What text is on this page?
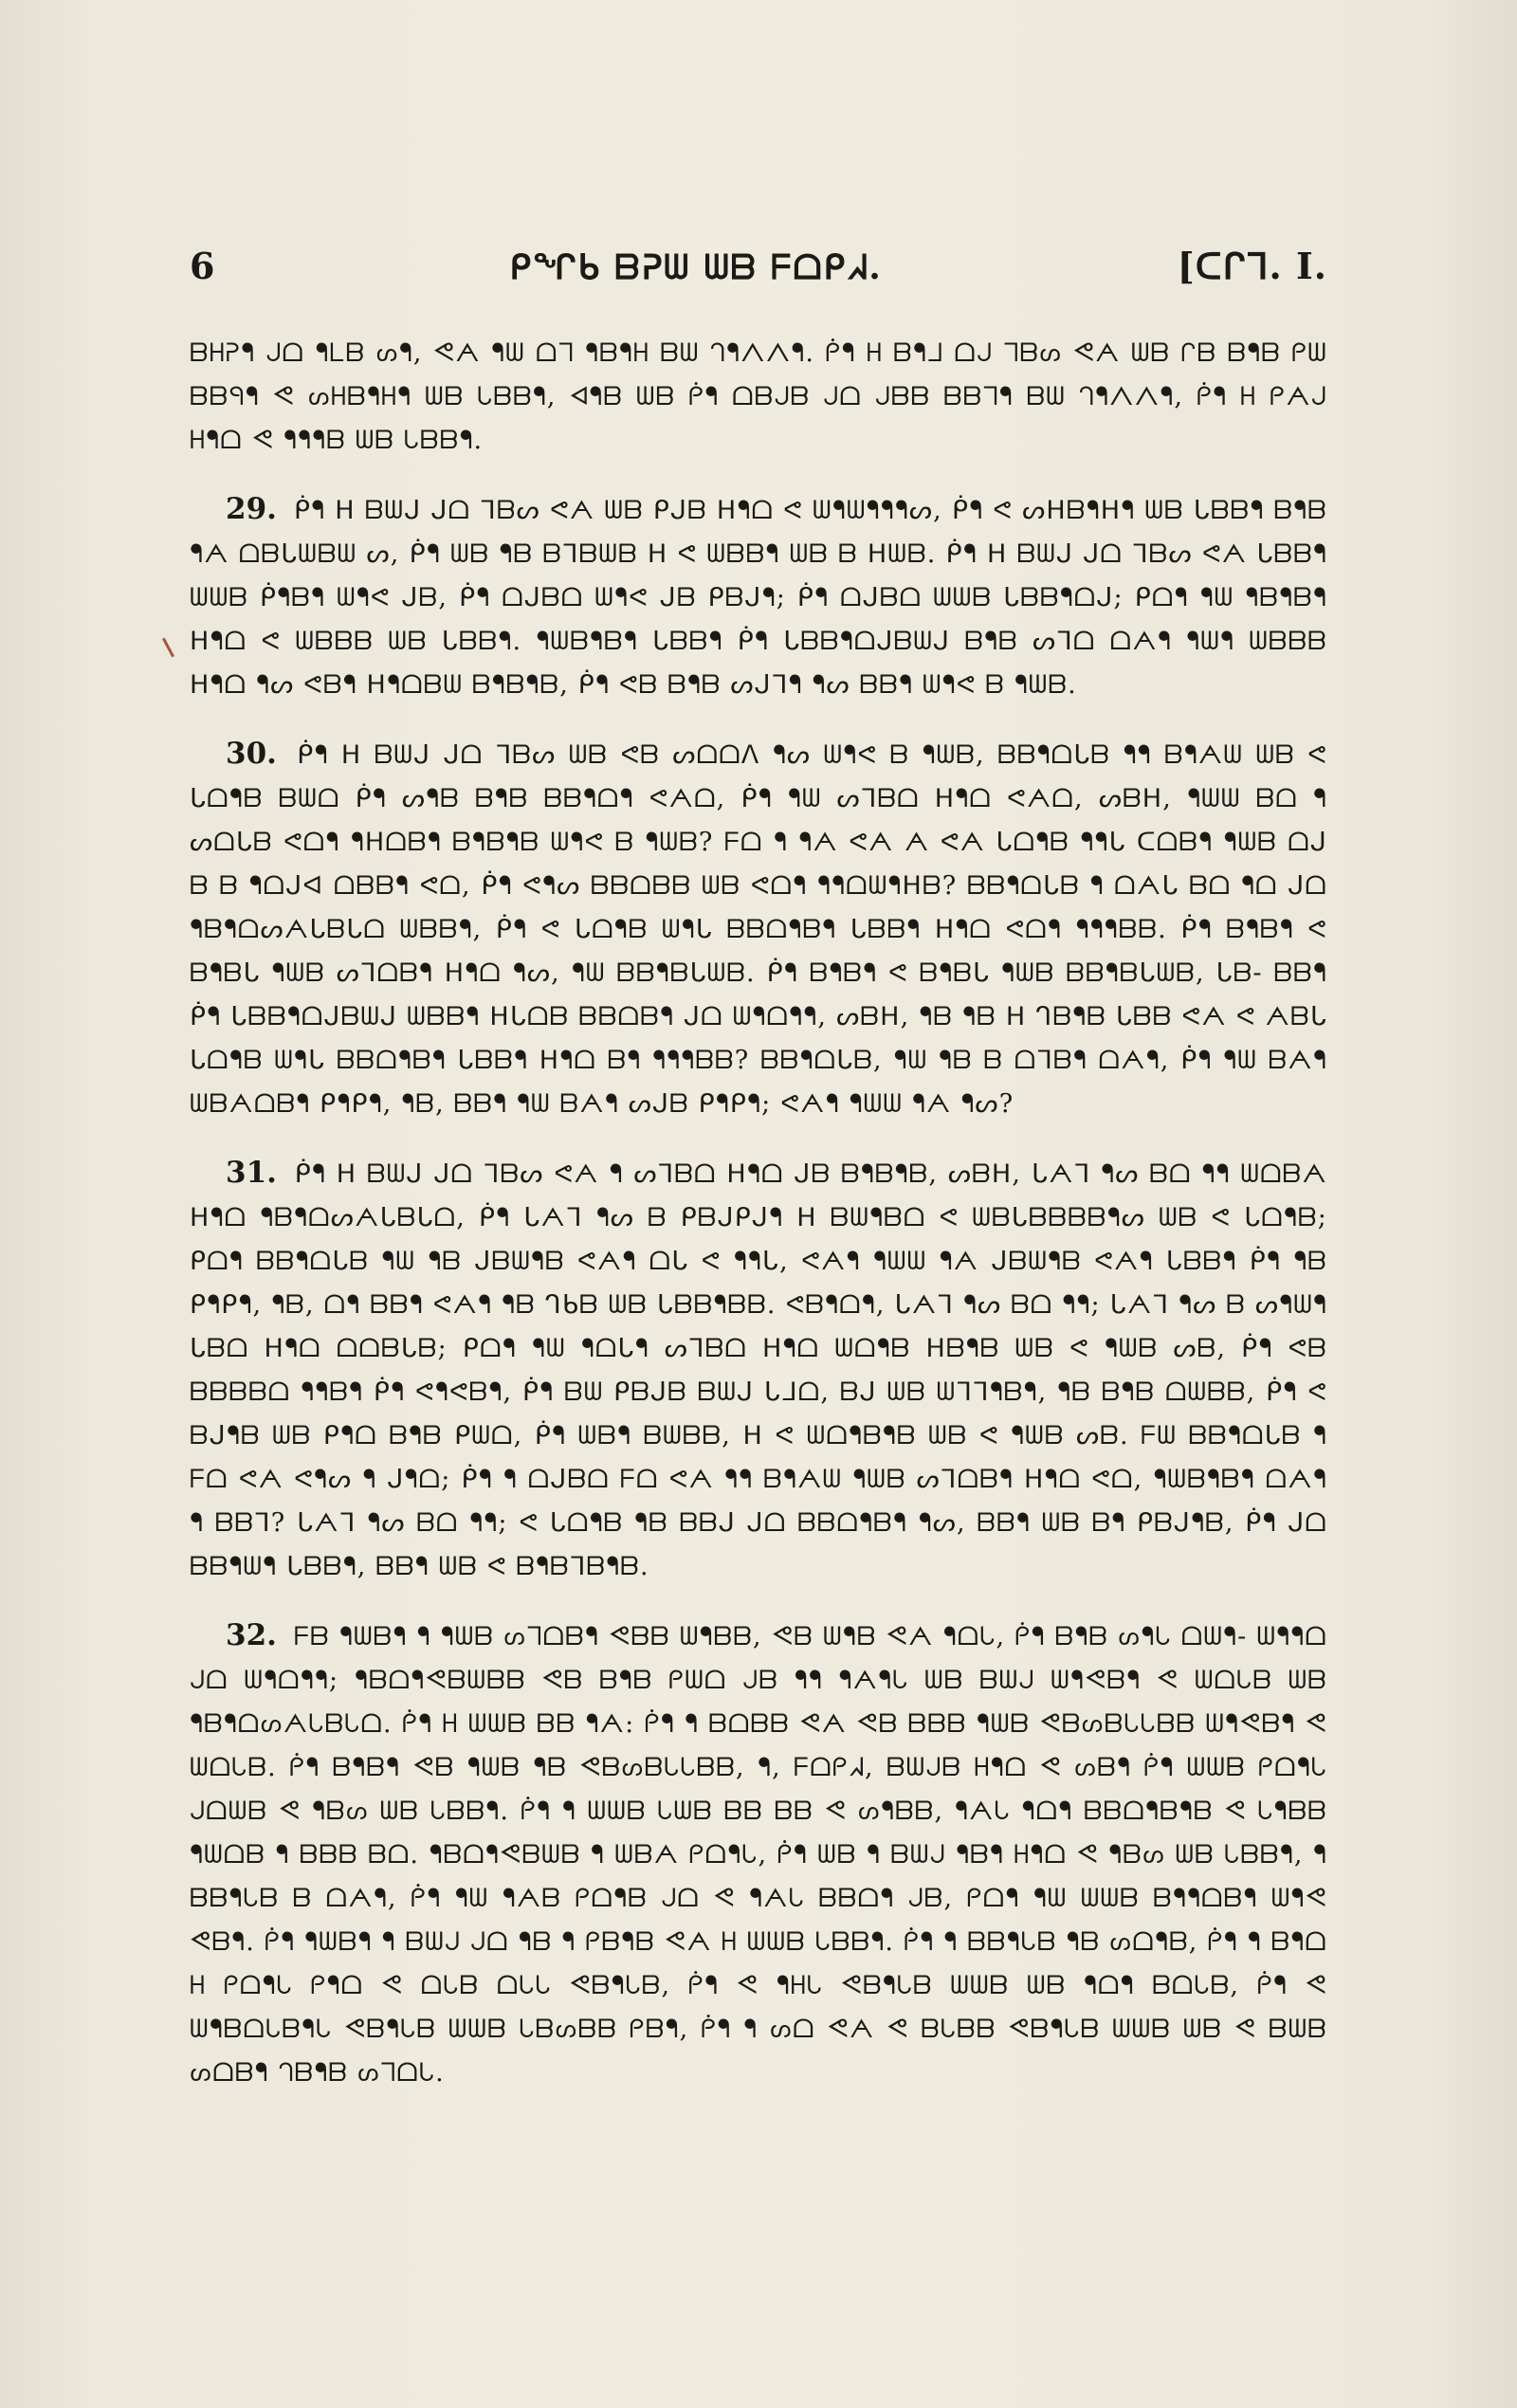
6	ᑭᖏᑲ ᗷᕈᗯ ᗯᗷ ᖴᗝᑭᖽ.	[ᑕᒋᒣ. I.

ᗷᕼᕈᖳ ᒍᗝ ᖳᒪᗷ ᔕᖳ, ᕙᗅ ᖳᗯ ᗝᒣ ᖳᗷᖳᕼ ᗷᗯ ᒉᖳᐱᐱᖳ. ᑮᖳ ᕼ ᗷᖳᒧ ᗝᒍ ᒣᗷᔕ ᕙᗅ ᗯᗷ ᒋᗷ ᗷᖳᗷ ᑭᗯ ᗷᗷᑫᖳ ᕙ ᔕᕼᗷᖳᕼᖳ ᗯᗷ ᒐᗷᗷᖳ, ᐊᖳᗷ ᗯᗷ ᑮᖳ ᗝᗷᒍᗷ ᒍᗝ ᒍᗷᗷ ᗷᗷᒣᖳ ᗷᗯ ᒉᖳᐱᐱᖳ, ᑮᖳ ᕼ ᑭᗅᒍ ᕼᖳᗝ ᕙ ᖳᖳᖳᗷ ᗯᗷ ᒐᗷᗷᖳ.

29. ᑮᖳ ᕼ ᗷᗯᒍ ᒍᗝ ᒣᗷᔕ ᕙᗅ ᗯᗷ ᑭᒍᗷ ᕼᖳᗝ ᕙ ᗯᖳᗯᖳᖳᖳᔕ, ᑮᖳ ᕙ ᔕᕼᗷᖳᕼᖳ ᗯᗷ ᒐᗷᗷᖳ ᗷᖳᗷ ᖳᗅ ᗝᗷᒐᗯᗷᗯ ᔕ, ᑮᖳ ᗯᗷ ᖳᗷ ᗷᒣᗷᗯᗷ ᕼ ᕙ ᗯᗷᗷᖳ ᗯᗷ ᗷ ᕼᗯᗷ. ᑮᖳ ᕼ ᗷᗯᒍ ᒍᗝ ᒣᗷᔕ ᕙᗅ ᒐᗷᗷᖳ ᗯᗯᗷ ᑮᖳᗷᖳ ᗯᖳᕙ ᒍᗷ, ᑮᖳ ᗝᒍᗷᗝ ᗯᖳᕙ ᒍᗷ ᑭᗷᒍᖳ; ᑮᖳ ᗝᒍᗷᗝ ᗯᗯᗷ ᒐᗷᗷᖳᗝᒍ; ᑭᗝᖳ ᖳᗯ ᖳᗷᖳᗷᖳ ᕼᖳᗝ ᕙ ᗯᗷᗷᗷ ᗯᗷ ᒐᗷᗷᖳ. ᖳᗯᗷᖳᗷᖳ ᒐᗷᗷᖳ ᑮᖳ ᒐᗷᗷᖳᗝᒍᗷᗯᒍ ᗷᖳᗷ ᔕᒣᗝ ᗝᗅᖳ ᖳᗯᖳ ᗯᗷᗷᗷ ᕼᖳᗝ ᖳᔕ ᕙᗷᖳ ᕼᖳᗝᗷᗯ ᗷᖳᗷᖳᗷ, ᑮᖳ ᕙᗷ ᗷᖳᗷ ᔕᒍᒣᖳ ᖳᔕ ᗷᗷᖳ ᗯᖳᕙ ᗷ ᖳᗯᗷ.

30. ᑮᖳ ᕼ ᗷᗯᒍ ᒍᗝ ᒣᗷᔕ ᗯᗷ ᕙᗷ ᔕᗝᗝᐱ ᖳᔕ ᗯᖳᕙ ᗷ ᖳᗯᗷ, ᗷᗷᖳᗝᒐᗷ ᖳᖳ ᗷᖳᗅᗯ ᗯᗷ ᕙ ᒐᗝᖳᗷ ᗷᗯᗝ ᑮᖳ ᔕᖳᗷ ᗷᖳᗷ ᗷᗷᖳᗝᖳ ᕙᗅᗝ, ᑮᖳ ᖳᗯ ᔕᒣᗷᗝ ᕼᖳᗝ ᕙᗅᗝ, ᔕᗷᕼ, ᖳᗯᗯ ᗷᗝ ᖳ ᔕᗝᒐᗷ ᕙᗝᖳ ᖳᕼᗝᗷᖳ ᗷᖳᗷᖳᗷ ᗯᖳᕙ ᗷ ᖳᗯᗷ? ᖴᗝ ᖳ ᖳᗅ ᕙᗅ ᗅ ᕙᗅ ᒐᗝᖳᗷ ᖳᖳᒐ ᑕᗝᗷᖳ ᖳᗯᗷ ᗝᒍ ᗷ ᗷ ᖳᗝᒍᐊ ᗝᗷᗷᖳ ᕙᗝ, ᑮᖳ ᕙᖳᔕ ᗷᗷᗝᗷᗷ ᗯᗷ ᕙᗝᖳ ᖳᖳᗝᗯᖳᕼᗷ? ᗷᗷᖳᗝᒐᗷ ᖳ ᗝᗅᒐ ᗷᗝ ᖳᗝ ᒍᗝ ᖳᗷᖳᗝᔕᗅᒐᗷᒐᗝ ᗯᗷᗷᖳ, ᑮᖳ ᕙ ᒐᗝᖳᗷ ᗯᖳᒐ ᗷᗷᗝᖳᗷᖳ ᒐᗷᗷᖳ ᕼᖳᗝ ᕙᗝᖳ ᖳᖳᖳᗷᗷ. ᑮᖳ ᗷᖳᗷᖳ ᕙ ᗷᖳᗷᒐ ᖳᗯᗷ ᔕᒣᗝᗷᖳ ᕼᖳᗝ ᖳᔕ, ᖳᗯ ᗷᗷᖳᗷᒐᗯᗷ. ᑮᖳ ᗷᖳᗷᖳ ᕙ ᗷᖳᗷᒐ ᖳᗯᗷ ᗷᗷᖳᗷᒐᗯᗷ, ᒐᗷ- ᗷᗷᖳ ᑮᖳ ᒐᗷᗷᖳᗝᒍᗷᗯᒍ ᗯᗷᗷᖳ ᕼᒐᗝᗷ ᗷᗷᗝᗷᖳ ᒍᗝ ᗯᖳᗝᖳᖳ, ᔕᗷᕼ, ᖳᗷ ᖳᗷ ᕼ ᒉᗷᖳᗷ ᒐᗷᗷ ᕙᗅ ᕙ ᗅᗷᒐ ᒐᗝᖳᗷ ᗯᖳᒐ ᗷᗷᗝᖳᗷᖳ ᒐᗷᗷᖳ ᕼᖳᗝ ᗷᖳ ᖳᖳᖳᗷᗷ? ᗷᗷᖳᗝᒐᗷ, ᖳᗯ ᖳᗷ ᗷ ᗝᒣᗷᖳ ᗝᗅᖳ, ᑮᖳ ᖳᗯ ᗷᗅᖳ ᗯᗷᗅᗝᗷᖳ ᑭᖳᑭᖳ, ᖳᗷ, ᗷᗷᖳ ᖳᗯ ᗷᗅᖳ ᔕᒍᗷ ᑭᖳᑭᖳ; ᕙᗅᖳ ᖳᗯᗯ ᖳᗅ ᖳᔕ?

31. ᑮᖳ ᕼ ᗷᗯᒍ ᒍᗝ ᒣᗷᔕ ᕙᗅ ᖳ ᔕᒣᗷᗝ ᕼᖳᗝ ᒍᗷ ᗷᖳᗷᖳᗷ, ᔕᗷᕼ, ᒐᗅᒣ ᖳᔕ ᗷᗝ ᖳᖳ ᗯᗝᗷᗅ ᕼᖳᗝ ᖳᗷᖳᗝᔕᗅᒐᗷᒐᗝ, ᑮᖳ ᒐᗅᒣ ᖳᔕ ᗷ ᑭᗷᒍᑭᒍᖳ ᕼ ᗷᗯᖳᗷᗝ ᕙ ᗯᗷᒐᗷᗷᗷᗷᖳᔕ ᗯᗷ ᕙ ᒐᗝᖳᗷ; ᑭᗝᖳ ᗷᗷᖳᗝᒐᗷ ᖳᗯ ᖳᗷ ᒍᗷᗯᖳᗷ ᕙᗅᖳ ᗝᒐ ᕙ ᖳᖳᒐ, ᕙᗅᖳ ᖳᗯᗯ ᖳᗅ ᒍᗷᗯᖳᗷ ᕙᗅᖳ ᒐᗷᗷᖳ ᑮᖳ ᖳᗷ ᑭᖳᑭᖳ, ᖳᗷ, ᗝᖳ ᗷᗷᖳ ᕙᗅᖳ ᖳᗷ ᒉᑲᗷ ᗯᗷ ᒐᗷᗷᖳᗷᗷ. ᕙᗷᖳᗝᖳ, ᒐᗅᒣ ᖳᔕ ᗷᗝ ᖳᖳ; ᒐᗅᒣ ᖳᔕ ᗷ ᔕᖳᗯᖳ ᒐᗷᗝ ᕼᖳᗝ ᗝᗝᗷᒐᗷ; ᑭᗝᖳ ᖳᗯ ᖳᗝᒐᖳ ᔕᒣᗷᗝ ᕼᖳᗝ ᗯᗝᖳᗷ ᕼᗷᖳᗷ ᗯᗷ ᕙ ᖳᗯᗷ ᔕᗷ, ᑮᖳ ᕙᗷ ᗷᗷᗷᗷᗝ ᖳᖳᗷᖳ ᑮᖳ ᕙᖳᕙᗷᖳ, ᑮᖳ ᗷᗯ ᑭᗷᒍᗷ ᗷᗯᒍ ᒐᒧᗝ, ᗷᒍ ᗯᗷ ᗯᒣᒣᖳᗷᖳ, ᖳᗷ ᗷᖳᗷ ᗝᗯᗷᗷ, ᑮᖳ ᕙ ᗷᒍᖳᗷ ᗯᗷ ᑭᖳᗝ ᗷᖳᗷ ᑭᗯᗝ, ᑮᖳ ᗯᗷᖳ ᗷᗯᗷᗷ, ᕼ ᕙ ᗯᗝᖳᗷᖳᗷ ᗯᗷ ᕙ ᖳᗯᗷ ᔕᗷ. ᖴᗯ ᗷᗷᖳᗝᒐᗷ ᖳ ᖴᗝ ᕙᗅ ᕙᖳᔕ ᖳ ᒍᖳᗝ; ᑮᖳ ᖳ ᗝᒍᗷᗝ ᖴᗝ ᕙᗅ ᖳᖳ ᗷᖳᗅᗯ ᖳᗯᗷ ᔕᒣᗝᗷᖳ ᕼᖳᗝ ᕙᗝ, ᖳᗯᗷᖳᗷᖳ ᗝᗅᖳ ᖳ ᗷᗷᒣ? ᒐᗅᒣ ᖳᔕ ᗷᗝ ᖳᖳ; ᕙ ᒐᗝᖳᗷ ᖳᗷ ᗷᗷᒍ ᒍᗝ ᗷᗷᗝᖳᗷᖳ ᖳᔕ, ᗷᗷᖳ ᗯᗷ ᗷᖳ ᑭᗷᒍᖳᗷ, ᑮᖳ ᒍᗝ ᗷᗷᖳᗯᖳ ᒐᗷᗷᖳ, ᗷᗷᖳ ᗯᗷ ᕙ ᗷᖳᗷᒣᗷᖳᗷ.

32. ᖴᗷ ᖳᗯᗷᖳ ᖳ ᖳᗯᗷ ᔕᒣᗝᗷᖳ ᕙᗷᗷ ᗯᖳᗷᗷ, ᕙᗷ ᗯᖳᗷ ᕙᗅ ᖳᗝᒐ, ᑮᖳ ᗷᖳᗷ ᔕᖳᒐ ᗝᗯᖳ- ᗯᖳᖳᗝ ᒍᗝ ᗯᖳᗝᖳᖳ; ᖳᗷᗝᖳᕙᗷᗯᗷᗷ ᕙᗷ ᗷᖳᗷ ᑭᗯᗝ ᒍᗷ ᖳᖳ ᖳᗅᖳᒐ ᗯᗷ ᗷᗯᒍ ᗯᖳᕙᗷᖳ ᕙ ᗯᗝᒐᗷ ᗯᗷ ᖳᗷᖳᗝᔕᗅᒐᗷᒐᗝ. ᑮᖳ ᕼ ᗯᗯᗷ ᗷᗷ ᖳᗅ: ᑮᖳ ᖳ ᗷᗝᗷᗷ ᕙᗅ ᕙᗷ ᗷᗷᗷ ᖳᗯᗷ ᕙᗷᔕᗷᒐᒐᗷᗷ ᗯᖳᕙᗷᖳ ᕙ ᗯᗝᒐᗷ. ᑮᖳ ᗷᖳᗷᖳ ᕙᗷ ᖳᗯᗷ ᖳᗷ ᕙᗷᔕᗷᒐᒐᗷᗷ, ᖳ, ᖴᗝᑭᖽ, ᗷᗯᒍᗷ ᕼᖳᗝ ᕙ ᔕᗷᖳ ᑮᖳ ᗯᗯᗷ ᑭᗝᖳᒐ ᒍᗝᗯᗷ ᕙ ᖳᗷᔕ ᗯᗷ ᒐᗷᗷᖳ. ᑮᖳ ᖳ ᗯᗯᗷ ᒐᗯᗷ ᗷᗷ ᗷᗷ ᕙ ᔕᖳᗷᗷ, ᖳᗅᒐ ᖳᗝᖳ ᗷᗷᗝᖳᗷᖳᗷ ᕙ ᒐᖳᗷᗷ ᖳᗯᗝᗷ ᖳ ᗷᗷᗷ ᗷᗝ. ᖳᗷᗝᖳᕙᗷᗯᗷ ᖳ ᗯᗷᗅ ᑭᗝᖳᒐ, ᑮᖳ ᗯᗷ ᖳ ᗷᗯᒍ ᖳᗷᖳ ᕼᖳᗝ ᕙ ᖳᗷᔕ ᗯᗷ ᒐᗷᗷᖳ, ᖳ ᗷᗷᖳᒐᗷ ᗷ ᗝᗅᖳ, ᑮᖳ ᖳᗯ ᖳᗅᗷ ᑭᗝᖳᗷ ᒍᗝ ᕙ ᖳᗅᒐ ᗷᗷᗝᖳ ᒍᗷ, ᑭᗝᖳ ᖳᗯ ᗯᗯᗷ ᗷᖳᖳᗝᗷᖳ ᗯᖳᕙ ᕙᗷᖳ. ᑮᖳ ᖳᗯᗷᖳ ᖳ ᗷᗯᒍ ᒍᗝ ᖳᗷ ᖳ ᑭᗷᖳᗷ ᕙᗅ ᕼ ᗯᗯᗷ ᒐᗷᗷᖳ. ᑮᖳ ᖳ ᗷᗷᖳᒐᗷ ᖳᗷ ᔕᗝᖳᗷ, ᑮᖳ ᖳ ᗷᖳᗝ ᕼ ᑭᗝᖳᒐ ᑭᖳᗝ ᕙ ᗝᒐᗷ ᗝᒐᒐ ᕙᗷᖳᒐᗷ, ᑮᖳ ᕙ ᖳᕼᒐ ᕙᗷᖳᒐᗷ ᗯᗯᗷ ᗯᗷ ᖳᗝᖳ ᗷᗝᒐᗷ, ᑮᖳ ᕙ ᗯᖳᗷᗝᒐᗷᖳᒐ ᕙᗷᖳᒐᗷ ᗯᗯᗷ ᒐᗷᔕᗷᗷ ᑭᗷᖳ, ᑮᖳ ᖳ ᔕᗝ ᕙᗅ ᕙ ᗷᒐᗷᗷ ᕙᗷᖳᒐᗷ ᗯᗯᗷ ᗯᗷ ᕙ ᗷᗯᗷ ᔕᗝᗷᖳ ᒉᗷᖳᗷ ᔕᒣᗝᒐ.
